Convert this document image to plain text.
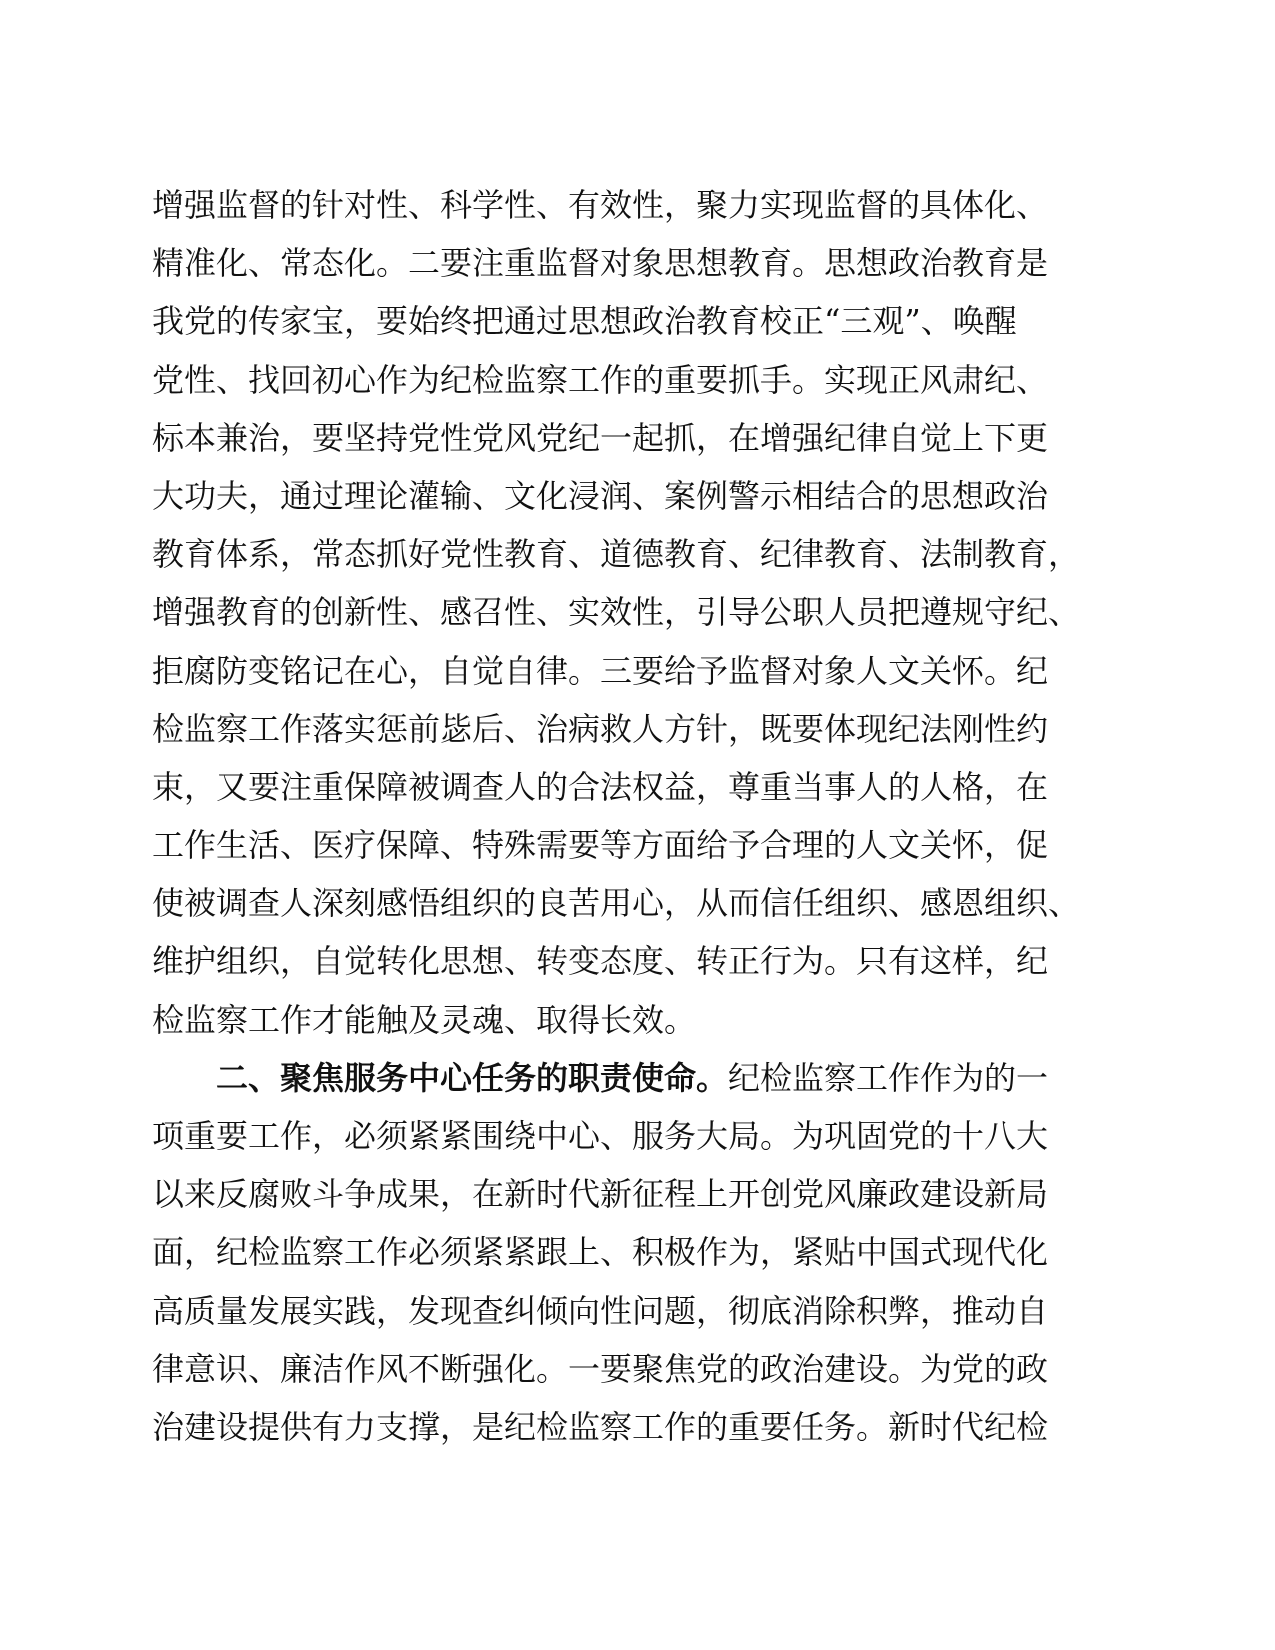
增强监督的针对性、科学性、有效性，聚力实现监督的具体化、
精准化、常态化。二要注重监督对象思想教育。思想政治教育是
我党的传家宝，要始终把通过思想政治教育校正“三观”、唤醒
党性、找回初心作为纪检监察工作的重要抓手。实现正风肃纪、
标本兼治，要坚持党性党风党纪一起抓，在增强纪律自觉上下更
大功夫，通过理论灌输、文化浸润、案例警示相结合的思想政治
教育体系，常态抓好党性教育、道德教育、纪律教育、法制教育，
增强教育的创新性、感召性、实效性，引导公职人员把遵规守纪、
拒腐防变铭记在心，自觉自律。三要给予监督对象人文关怀。纪
检监察工作落实惩前毖后、治病救人方针，既要体现纪法刚性约
束，又要注重保障被调查人的合法权益，尊重当事人的人格，在
工作生活、医疗保障、特殊需要等方面给予合理的人文关怀，促
使被调查人深刻感悟组织的良苦用心，从而信任组织、感恩组织、
维护组织，自觉转化思想、转变态度、转正行为。只有这样，纪
检监察工作才能触及灵魂、取得长效。
二、聚焦服务中心任务的职责使命。纪检监察工作作为的一
项重要工作，必须紧紧围绕中心、服务大局。为巩固党的十八大
以来反腐败斗争成果，在新时代新征程上开创党风廉政建设新局
面，纪检监察工作必须紧紧跟上、积极作为，紧贴中国式现代化
高质量发展实践，发现查纠倾向性问题，彻底消除积弊，推动自
律意识、廉洁作风不断强化。一要聚焦党的政治建设。为党的政
治建设提供有力支撑，是纪检监察工作的重要任务。新时代纪检
